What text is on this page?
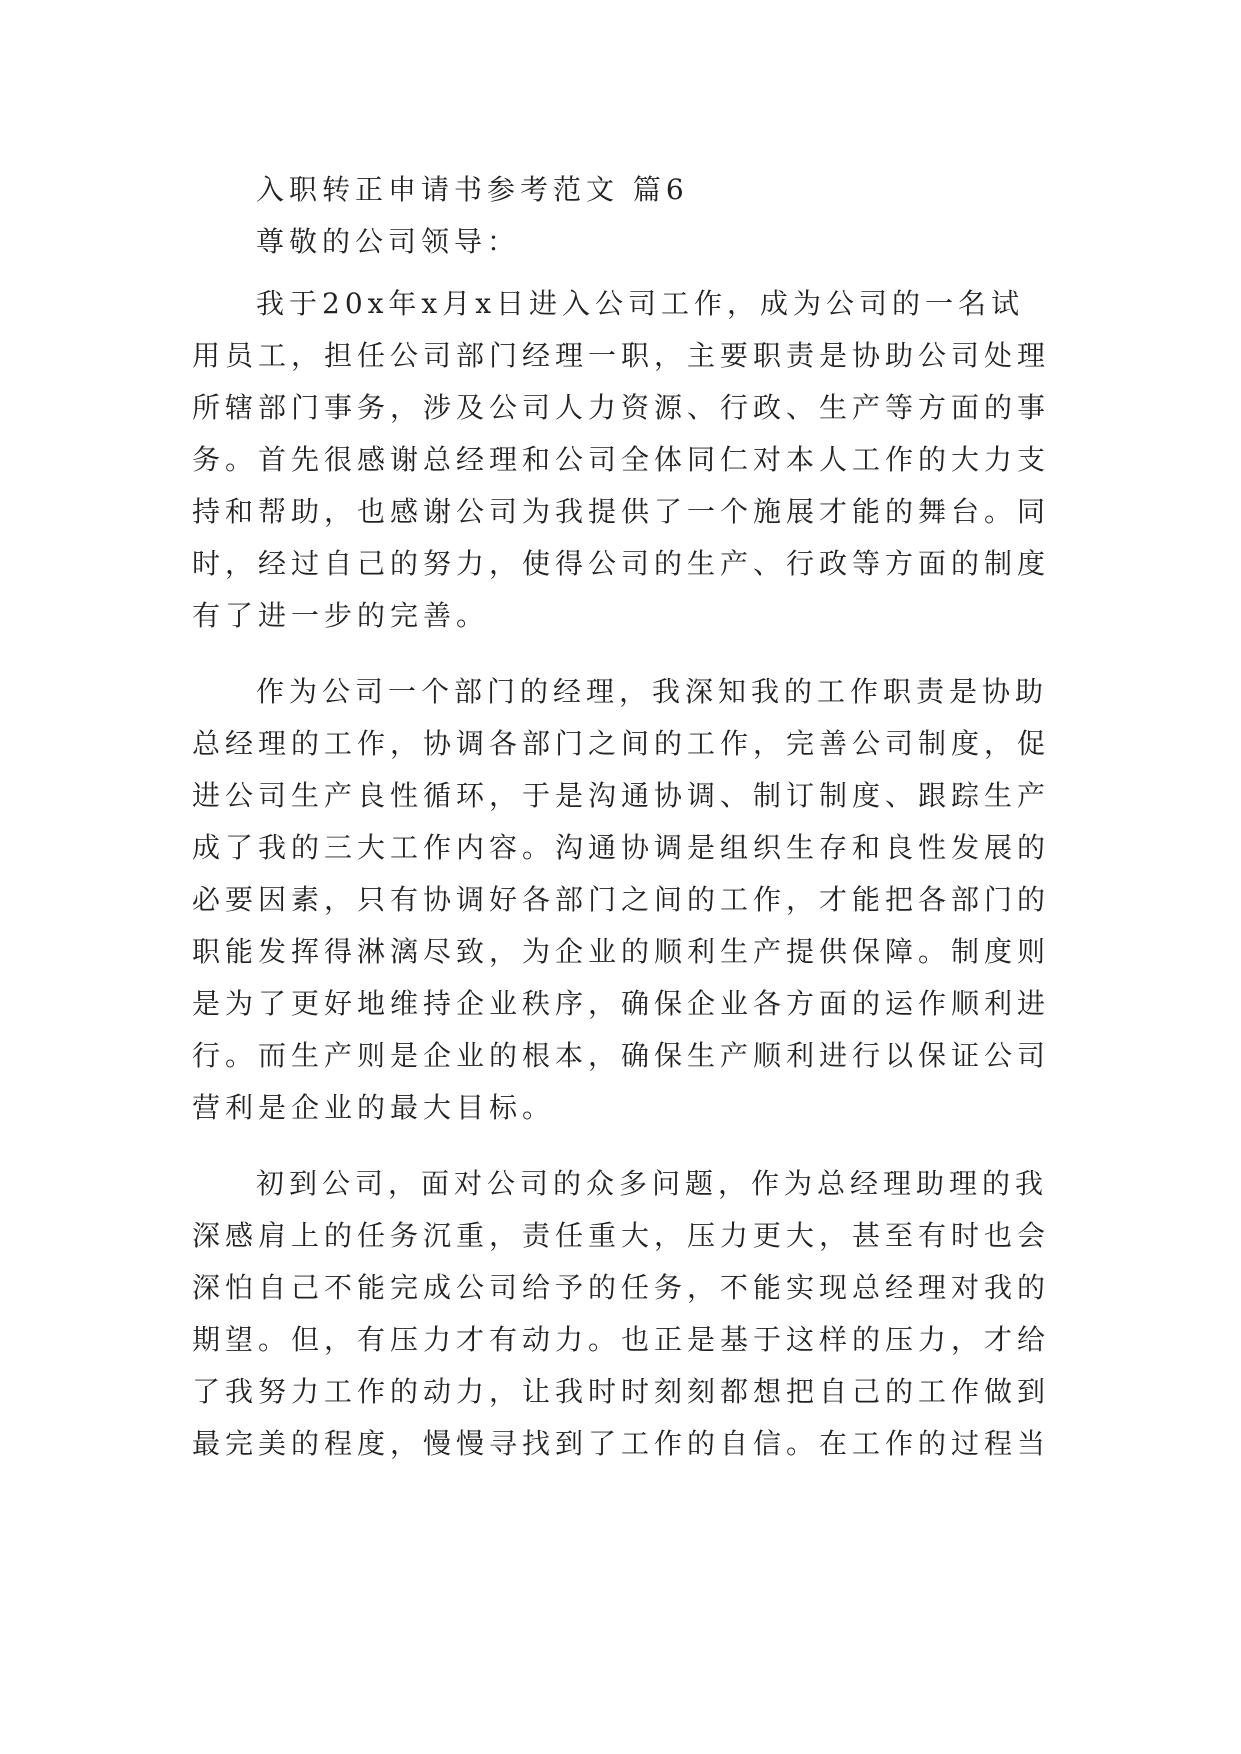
入职转正申请书参考范文 篇6
尊敬的公司领导：
我于20x年x月x日进入公司工作，成为公司的一名试
用员工，担任公司部门经理一职，主要职责是协助公司处理
所辖部门事务，涉及公司人力资源、行政、生产等方面的事
务。首先很感谢总经理和公司全体同仁对本人工作的大力支
持和帮助，也感谢公司为我提供了一个施展才能的舞台。同
时，经过自己的努力，使得公司的生产、行政等方面的制度
有了进一步的完善。
作为公司一个部门的经理，我深知我的工作职责是协助
总经理的工作，协调各部门之间的工作，完善公司制度，促
进公司生产良性循环，于是沟通协调、制订制度、跟踪生产
成了我的三大工作内容。沟通协调是组织生存和良性发展的
必要因素，只有协调好各部门之间的工作，才能把各部门的
职能发挥得淋漓尽致，为企业的顺利生产提供保障。制度则
是为了更好地维持企业秩序，确保企业各方面的运作顺利进
行。而生产则是企业的根本，确保生产顺利进行以保证公司
营利是企业的最大目标。
初到公司，面对公司的众多问题，作为总经理助理的我
深感肩上的任务沉重，责任重大，压力更大，甚至有时也会
深怕自己不能完成公司给予的任务，不能实现总经理对我的
期望。但，有压力才有动力。也正是基于这样的压力，才给
了我努力工作的动力，让我时时刻刻都想把自己的工作做到
最完美的程度，慢慢寻找到了工作的自信。在工作的过程当
